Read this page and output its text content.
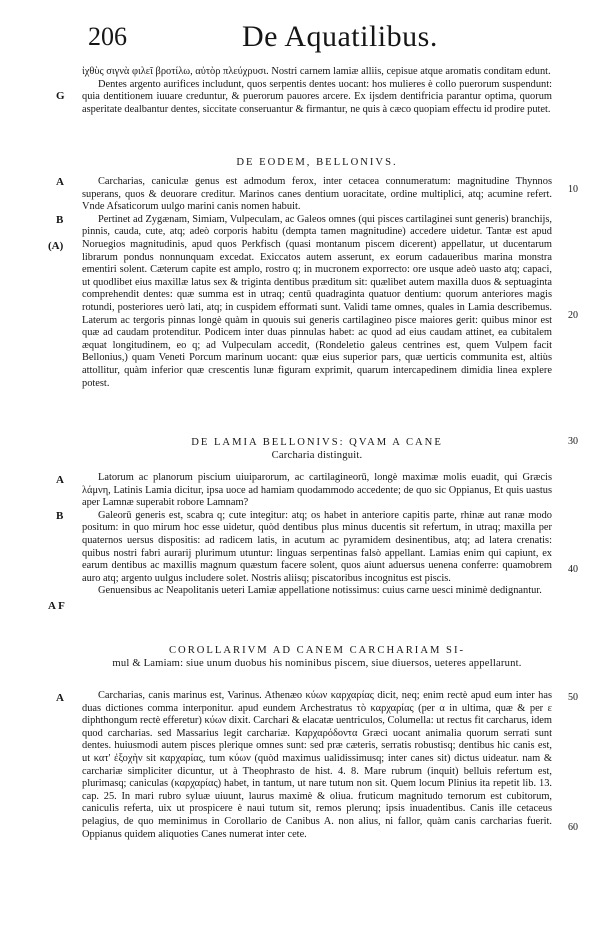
206	De Aquatilibus.

ἰχθὺς σιγνὰ φιλεῖ βροτίλω, αὐτὸρ πλεύχρυσι. Nostri carnem lamiæ alliis, cepisue atque aromatis conditam edunt.

Dentes argento aurifices includunt, quos serpentis dentes uocant: hos mulieres è collo puerorum suspendunt: quia dentitionem iuuare creduntur, & puerorum pauores arcere. Ex ijsdem dentifricia parantur optima, quorum asperitate dealbantur dentes, siccitate conseruantur & firmantur, ne quis à cæco quopiam effectu id prodire putet.

DE EODEM, BELLONIVS.

Carcharias, caniculæ genus est admodum ferox, inter cetacea connumeratum: magnitudine Thynnos superans, quos & deuorare creditur. Marinos canes dentium uoracitate, ordine multiplici, atq; acumine refert. Vnde Afsaticorum uulgo marini canis nomen habuit.

Pertinet ad Zygænam, Simiam, Vulpeculam, ac Galeos omnes (qui pisces cartilaginei sunt generis) branchijs, pinnis, cauda, cute, atq; adeò corporis habitu (dempta tamen magnitudine) accedere uidetur. Tantæ est apud Noruegios magnitudinis, apud quos Perkfisch (quasi montanum piscem dicerent) appellatur, ut ducentarum librarum pondus nonnunquam excedat. Exiccatos autem asserunt, ex eorum cadaueribus marina monstra ementiri solent. Cæterum capite est amplo, rostro q; in mucronem exporrecto: ore usque adeò uasto atq; capaci, ut quodlibet eius maxillæ latus sex & triginta dentibus præditum sit: quælibet autem maxilla duos & septuaginta comprehendit dentes: quæ summa est in utraq; centū quadraginta quatuor dentium: quorum anteriores magis rotundi, posteriores uerò lati, atq; in cuspidem efformati sunt. Validi tame omnes, quales in Lamia describemus. Laterum ac tergoris pinnas longè quàm in quouis sui generis cartilagineo pisce maiores gerit: quibus minor est quæ ad caudam protenditur. Podicem inter duas pinnulas habet: ac quod ad eius caudam attinet, ea cubitalem æquat longitudinem, eo q; ad Vulpeculam accedit, (Rondeletio galeus centrines est, quem Vulpem facit Bellonius,) quam Veneti Porcum marinum uocant: quæ eius superior pars, quæ uerticis communita est, altiùs attollitur, quàm inferior quæ crescentis lunæ figuram exprimit, quarum intercapedinem dimidia linea explere potest.

DE LAMIA BELLONIVS: QVAM A CANE
Carcharia distinguit.

Latorum ac planorum piscium uiuiparorum, ac cartilagineorū, longè maximæ molis euadit, qui Græcis λάμνη, Latinis Lamia dicitur, ipsa uoce ad hamiam quodammodo accedente; de quo sic Oppianus, Et quis uastus aper Lamnæ superabit robore Lamnam?

Galeorū generis est, scabra q; cute integitur: atq; os habet in anteriore capitis parte, rhinæ aut ranæ modo positum: in quo mirum hoc esse uidetur, quòd dentibus plus minus ducentis sit refertum, in utraq; maxilla per quaternos uersus dispositis: ad radicem latis, in acutum ac pyramidem desinentibus, atq; ad latera crenatis: quibus nostri fabri aurarij plurimum utuntur: linguas serpentinas falsò appellant. Lamias enim qui capiunt, ex earum dentibus ac maxillis magnum quæstum facere solent, quos aiunt aduersus uenena conferre: quamobrem auro atq; argento uulgus includere solet. Nostris aliisq; piscatoribus incognitus est piscis.

Genuensibus ac Neapolitanis ueteri Lamiæ appellatione notissimus: cuius carne uesci minimè dedignantur.

COROLLARIVM AD CANEM CARCHARIAM SI-
mul & Lamiam: siue unum duobus his nominibus piscem, siue diuersos, ueteres appellarunt.

Carcharias, canis marinus est, Varinus. Athenæo κύων καρχαρίας dicit, neq; enim rectè apud eum inter has duas dictiones comma interponitur. apud eundem Archestratus τὸ καρχαρίας (per α in ultima, quæ & per ε diphthongum rectè efferetur) κύων dixit. Carchari & elacatæ uentriculos, Columella: ut rectus fit carcharus, idem quod carcharias. sed Massarius legit carchariæ. Καρχαρόδοντα Græci uocant animalia quorum serrati sunt dentes. huiusmodi autem pisces plerique omnes sunt: sed præ cæteris, serratis robustisq; dentibus hic canis est, ut κατ' ἐξοχὴν sit καρχαρίας, tum κύων (quòd maximus ualidissimusq; inter canes sit) dictus uideatur. nam & carchariæ simpliciter dicuntur, ut à Theophrasto de hist. 4. 8. Mare rubrum (inquit) belluis refertum est, plurimasq; caniculas (καρχαρίας) habet, in tantum, ut nare tutum non sit. Quem locum Plinius ita repetit lib. 13. cap. 25. In mari rubro syluæ uiuunt, laurus maximè & oliua. fruticum magnitudo ternorum est cubitorum, caniculis referta, uix ut prospicere è naui tutum sit, remos plerunq; ipsis inuadentibus. Canis ille cetaceus pelagius, de quo meminimus in Corollario de Canibus A. non alius, ni fallor, quàm canis carcharias fuerit. Oppianus quidem aliquoties Canes numerat inter cete.

G
A
B
(A)
A
B
A F
A
10
20
30
40
50
60
